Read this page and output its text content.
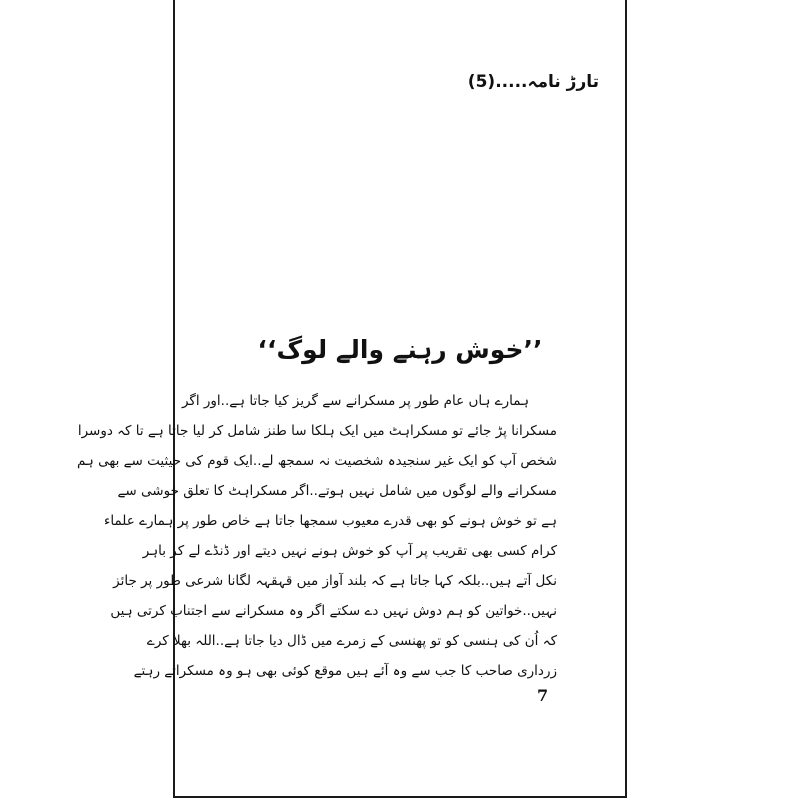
تارڑ نامہ.....(5)
’’خوش رہنے والے لوگ‘‘
ہمارے ہاں عام طور پر مسکرانے سے گریز کیا جاتا ہے..اور اگر
مسکرانا پڑ جائے تو مسکراہٹ میں ایک ہلکا سا طنز شامل کر لیا جاتا ہے تا کہ دوسرا
شخص آپ کو ایک غیر سنجیدہ شخصیت نہ سمجھ لے..ایک قوم کی حیثیت سے بھی ہم
مسکرانے والے لوگوں میں شامل نہیں ہوتے..اگر مسکراہٹ کا تعلق خوشی سے
ہے تو خوش ہونے کو بھی قدرے معیوب سمجھا جاتا ہے خاص طور پر ہمارے علماء
کرام کسی بھی تقریب پر آپ کو خوش ہونے نہیں دیتے اور ڈنڈے لے کر باہر
نکل آتے ہیں..بلکہ کہا جاتا ہے کہ بلند آواز میں قہقہہ لگانا شرعی طور پر جائز
نہیں..خواتین کو ہم دوش نہیں دے سکتے اگر وہ مسکرانے سے اجتناب کرتی ہیں
کہ اُن کی ہنسی کو تو پھنسی کے زمرے میں ڈال دیا جاتا ہے..اللہ بھلا کرے
زرداری صاحب کا جب سے وہ آئے ہیں موقع کوئی بھی ہو وہ مسکراتے رہتے
7
